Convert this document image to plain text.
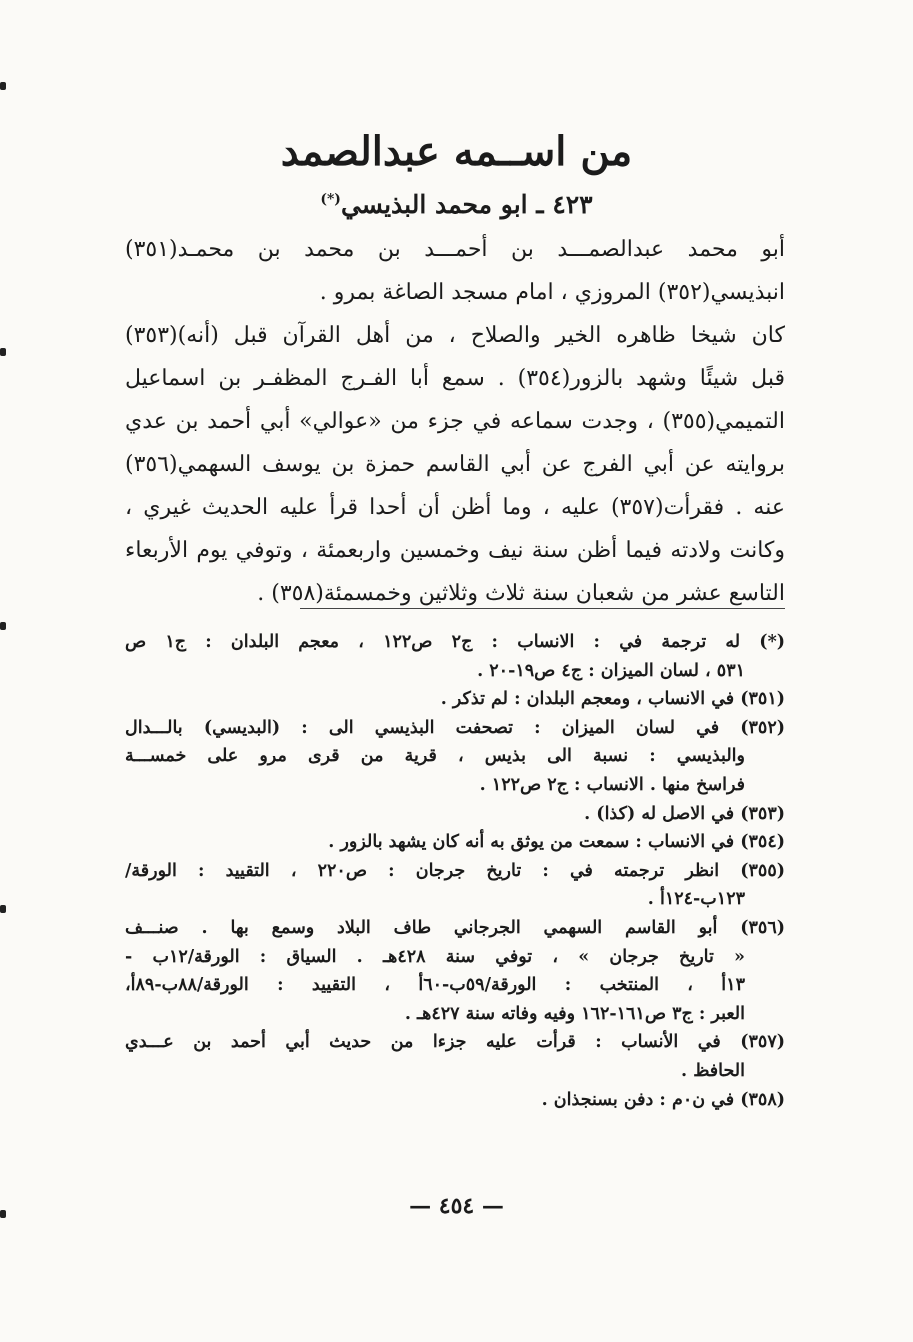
من اســمه عبدالصمد
٤٢٣ ـ ابو محمد البذيسي(*)
أبو محمد عبدالصمـــد بن أحمـــد بن محمد بن محمـد(٣٥١)
انبذيسي(٣٥٢) المروزي ، امام مسجد الصاغة بمرو .
كان شيخا ظاهره الخير والصلاح ، من أهل القرآن قبل (أنه)(٣٥٣)
قبل شيئًا وشهد بالزور(٣٥٤) . سمع أبا الفـرج المظفـر بن اسماعيل
التميمي(٣٥٥) ، وجدت سماعه في جزء من «عوالي» أبي أحمد بن عدي
بروايته عن أبي الفرج عن أبي القاسم حمزة بن يوسف السهمي(٣٥٦)
عنه . فقرأت(٣٥٧) عليه ، وما أظن أن أحدا قرأ عليه الحديث غيري ،
وكانت ولادته فيما أظن سنة نيف وخمسين واربعمئة ، وتوفي يوم الأربعاء
التاسع عشر من شعبان سنة ثلاث وثلاثين وخمسمئة(٣٥٨) .
(*) له ترجمة في : الانساب : ج٢ ص١٢٢ ، معجم البلدان : ج١ ص
٥٣١ ، لسان الميزان : ج٤ ص١٩-٢٠ .
(٣٥١) في الانساب ، ومعجم البلدان : لم تذكر .
(٣٥٢) في لسان الميزان : تصحفت البذيسي الى : (البديسي) بالـــدال
والبذيسي : نسبة الى بذيس ، قرية من قرى مرو على خمســـة
فراسخ منها . الانساب : ج٢ ص١٢٢ .
(٣٥٣) في الاصل له (كذا) .
(٣٥٤) في الانساب : سمعت من يوثق به أنه كان يشهد بالزور .
(٣٥٥) انظر ترجمته في : تاريخ جرجان : ص٢٢٠ ، التقييد : الورقة/
١٢٣ب-١٢٤أ .
(٣٥٦) أبو القاسم السهمي الجرجاني طاف البلاد وسمع بها . صنـــف
« تاريخ جرجان » ، توفي سنة ٤٢٨هـ . السياق : الورقة/١٢ب -
١٣أ ، المنتخب : الورقة/٥٩ب-٦٠أ ، التقييد : الورقة/٨٨ب-٨٩أ،
العبر : ج٣ ص١٦١-١٦٢ وفيه وفاته سنة ٤٢٧هـ .
(٣٥٧) في الأنساب : قرأت عليه جزءا من حديث أبي أحمد بن عـــدي
الحافظ .
(٣٥٨) في ن٠م : دفن بسنجذان .
— ٤٥٤ —
